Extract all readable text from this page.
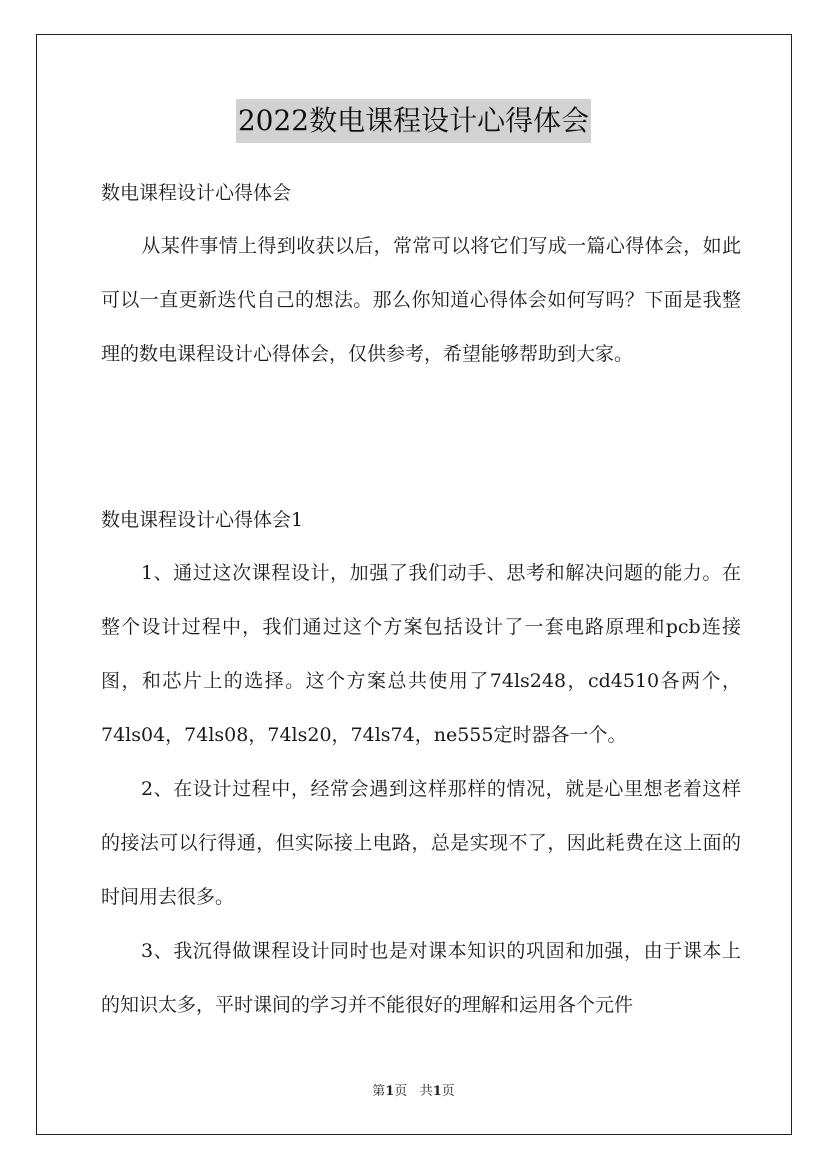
2022数电课程设计心得体会
数电课程设计心得体会
从某件事情上得到收获以后，常常可以将它们写成一篇心得体会，如此可以一直更新迭代自己的想法。那么你知道心得体会如何写吗？下面是我整理的数电课程设计心得体会，仅供参考，希望能够帮助到大家。
数电课程设计心得体会1
1、通过这次课程设计，加强了我们动手、思考和解决问题的能力。在整个设计过程中，我们通过这个方案包括设计了一套电路原理和pcb连接图，和芯片上的选择。这个方案总共使用了74ls248，cd4510各两个，74ls04，74ls08，74ls20，74ls74，ne555定时器各一个。
2、在设计过程中，经常会遇到这样那样的情况，就是心里想老着这样的接法可以行得通，但实际接上电路，总是实现不了，因此耗费在这上面的时间用去很多。
3、我沉得做课程设计同时也是对课本知识的巩固和加强，由于课本上的知识太多，平时课间的学习并不能很好的理解和运用各个元件
第1页 共1页
